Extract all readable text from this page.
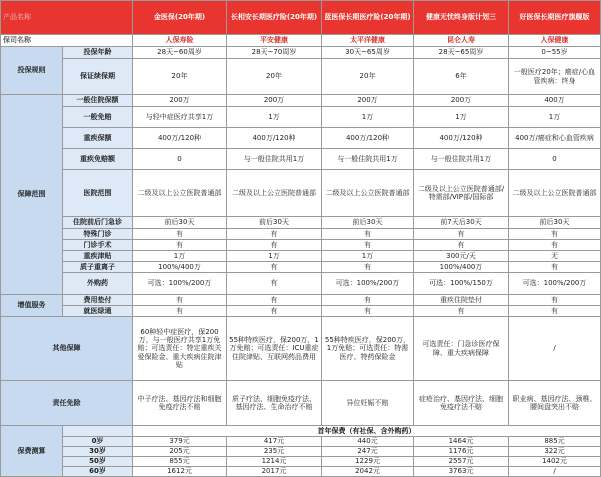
产品名称		金医保(20年期)	长相安长期医疗险(20年期)	蓝医保长期医疗险(20年期)	健康无忧终身版计划三	好医保长期医疗旗舰版
保司名称		人保寿险	平安健康	太平洋健康	昆仑人寿	人保健康
投保规则	投保年龄	28天~60周岁	28天~70周岁	30天~65周岁	28天~65周岁	0~55岁
	保证续保期	20年	20年	20年	6年	一般医疗20年；癌症/心血管疾病：终身
保障范围	一般住院保额	200万	200万	200万	200万	400万
	一般免赔	与轻中症医疗共享1万	1万	1万	1万	1万
	重疾保额	400万/120种	400万/120种	400万/120种	400万/120种	400万/癌症和心血管疾病
	重疾免赔额	0	与一般住院共用1万	与一般住院共用1万	与一般住院共用1万	0
	医院范围	二级及以上公立医院普通部	二级及以上公立医院普通部	二级及以上公立医院普通部	二级及以上公立医院普通部/特需部/VIP部/国际部	二级及以上公立医院普通部
	住院前后门急诊	前后30天	前后30天	前后30天	前7天后30天	前后30天
	特殊门诊	有	有	有	有	有
	门诊手术	有	有	有	有	有
	重疾津贴	1万	1万	1万	300元/天	无
	质子重离子	100%/400万	有	有	100%/400万	有
	外购药	可选：100%/200万	有	可选：100%/200万	可选：100%/150万	可选：100%/200万
增值服务	费用垫付	有	有	有	重疾住院垫付	有
	就医绿通	有	有	有	有	有
其他保障		60种轻中症医疗，保200万，与一般医疗共享1万免赔；可选责任：特定重疾关爱保险金、重大疾病住院津贴	55种特疾医疗，保200万，1万免赔；可选责任：ICU重症住院津贴、互联网药品费用	55种特疾医疗，保200万，1万免赔；可选责任：特需医疗、特药保险金	可选责任：门急诊医疗保障、重大疾病保障	/
责任免除		中子疗法、基因疗法和细胞免疫疗法不赔	质子疗法、细胞免疫疗法、基因疗法、生命治疗不赔	异位妊娠不赔	症疮治疗、基因疗法、细胞免疫疗法不赔	职业病、基因疗法、颈椎、腰间盘突出不赔
保费测算		首年保费（有社保、含外购药）				
	0岁	379元	417元	440元	1464元	885元
	30岁	205元	235元	247元	1176元	322元
	50岁	855元	1214元	1229元	2557元	1402元
	60岁	1612元	2017元	2042元	3763元	/
